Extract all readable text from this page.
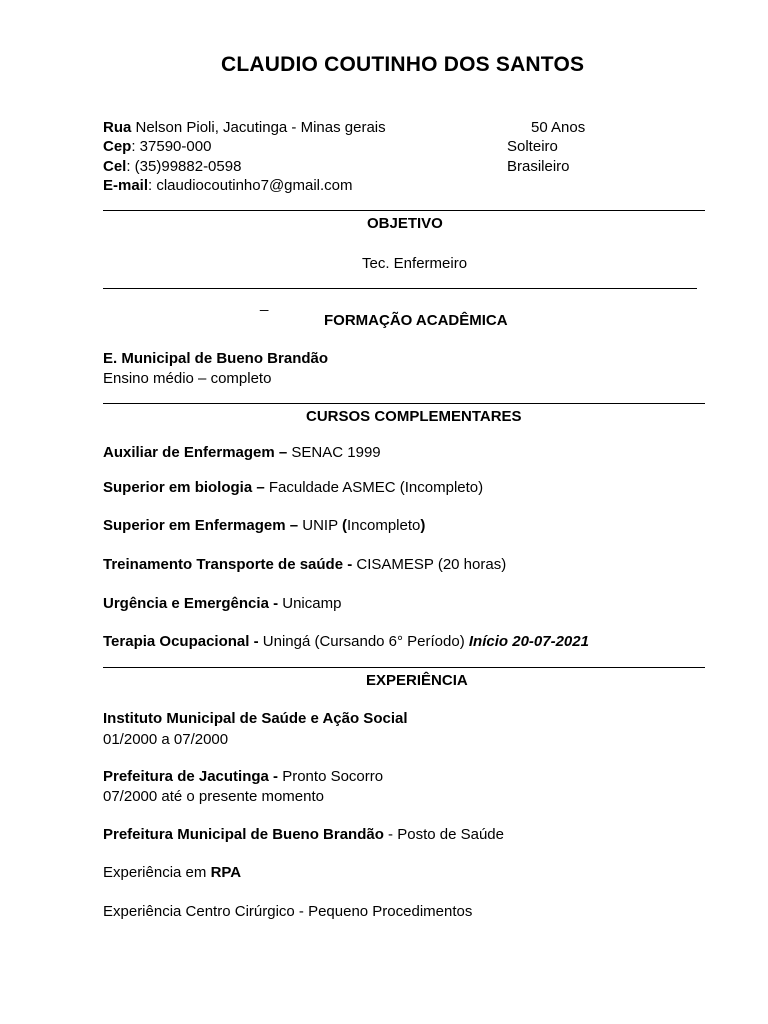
CLAUDIO COUTINHO DOS SANTOS
Rua Nelson Pioli, Jacutinga - Minas gerais
Cep: 37590-000
Cel: (35)99882-0598
E-mail: claudiocoutinho7@gmail.com
50 Anos
Solteiro
Brasileiro
OBJETIVO
Tec. Enfermeiro
_
FORMAÇÃO ACADÊMICA
E. Municipal de Bueno Brandão
Ensino médio – completo
CURSOS COMPLEMENTARES
Auxiliar de Enfermagem – SENAC 1999
Superior em biologia – Faculdade ASMEC (Incompleto)
Superior em Enfermagem – UNIP (Incompleto)
Treinamento Transporte de saúde - CISAMESP (20 horas)
Urgência e Emergência - Unicamp
Terapia Ocupacional - Uningá (Cursando 6° Período) Início 20-07-2021
EXPERIÊNCIA
Instituto Municipal de Saúde e Ação Social
01/2000 a 07/2000
Prefeitura de Jacutinga - Pronto Socorro
07/2000 até o presente momento
Prefeitura Municipal de Bueno Brandão - Posto de Saúde
Experiência em RPA
Experiência Centro Cirúrgico - Pequeno Procedimentos
